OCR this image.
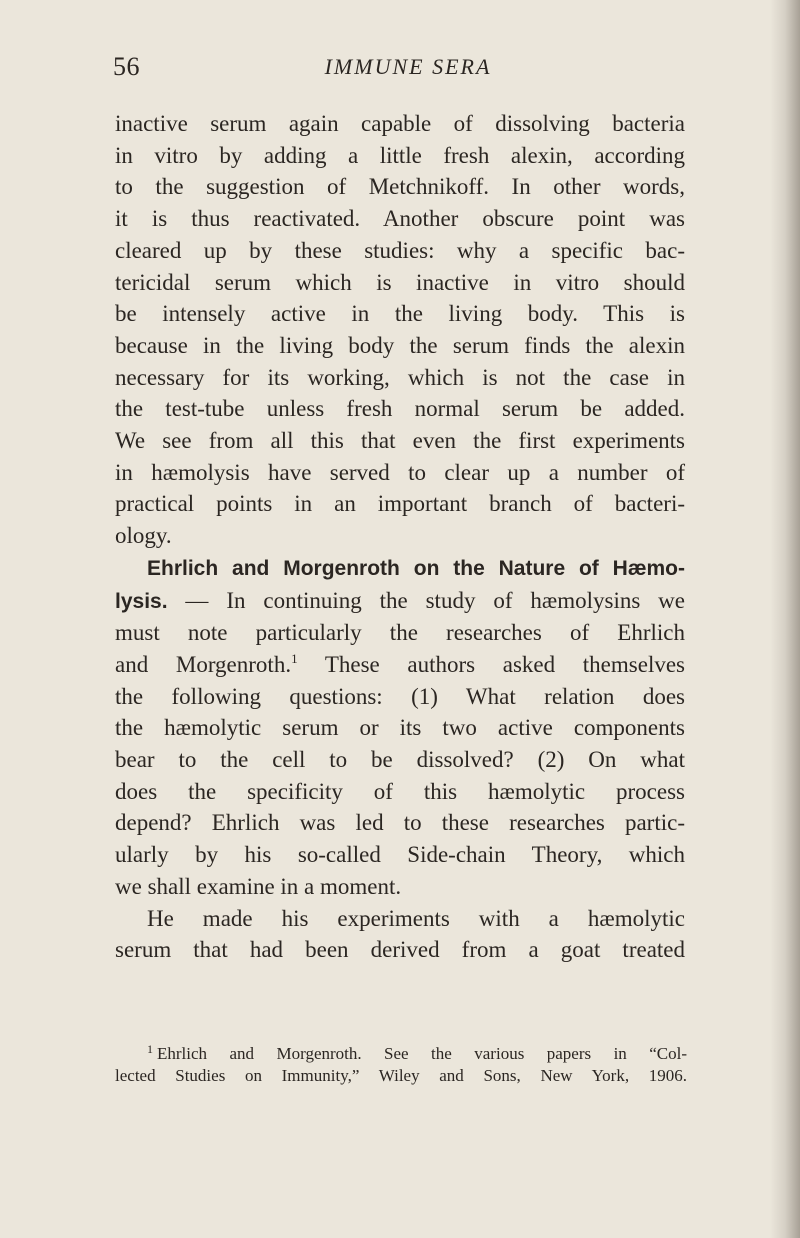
56	IMMUNE SERA
inactive serum again capable of dissolving bacteria
in vitro by adding a little fresh alexin, according
to the suggestion of Metchnikoff. In other words,
it is thus reactivated. Another obscure point was
cleared up by these studies: why a specific bac-
tericidal serum which is inactive in vitro should
be intensely active in the living body. This is
because in the living body the serum finds the alexin
necessary for its working, which is not the case in
the test-tube unless fresh normal serum be added.
We see from all this that even the first experiments
in hæmolysis have served to clear up a number of
practical points in an important branch of bacteri-
ology.
Ehrlich and Morgenroth on the Nature of Hæmo-
lysis. — In continuing the study of hæmolysins we
must note particularly the researches of Ehrlich
and Morgenroth.$^1$ These authors asked themselves
the following questions: (1) What relation does
the hæmolytic serum or its two active components
bear to the cell to be dissolved? (2) On what
does the specificity of this hæmolytic process
depend? Ehrlich was led to these researches partic-
ularly by his so-called Side-chain Theory, which
we shall examine in a moment.
He made his experiments with a hæmolytic
serum that had been derived from a goat treated
$^1$ Ehrlich and Morgenroth. See the various papers in “Col-
lected Studies on Immunity,” Wiley and Sons, New York, 1906.
